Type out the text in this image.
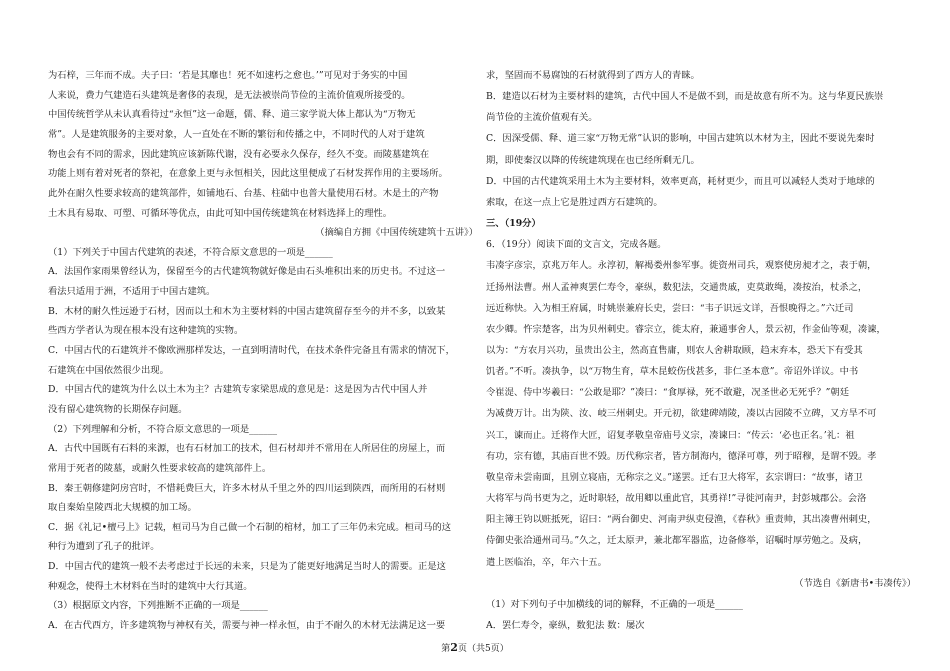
为石梓，三年而不成。夫子曰：‘若是其靡也！死不如速朽之愈也。’”可见对于务实的中国
人来说，费力气建造石头建筑是奢侈的表现，是无法被崇尚节俭的主流价值观所接受的。
中国传统哲学从未认真看待过“永恒”这一命题，儒、释、道三家学说大体上都认为“万物无
常”。人是建筑服务的主要对象，人一直处在不断的繁衍和传播之中，不同时代的人对于建筑
物也会有不同的需求，因此建筑应该新陈代谢，没有必要永久保存，经久不变。而陵墓建筑在
功能上则有着对死者的祭祀，在意象上更与永恒相关，因此这里便成了石材发挥作用的主要场所。
此外在耐久性要求较高的建筑部件，如铺地石、台基、柱础中也普大量使用石材。木是土的产物
土木具有易取、可塑、可循环等优点，由此可知中国传统建筑在材料选择上的理性。
（摘编自方拥《中国传统建筑十五讲》）
（1）下列关于中国古代建筑的表述，不符合原文意思的一项是______
A．法国作家雨果曾经认为，保留至今的古代建筑物就好像是由石头堆积出来的历史书。不过这一
看法只适用于洲，不适用于中国古建筑。
B．木材的耐久性远逊于石材，因而以土和木为主要材料的中国古建筑留存至今的并不多，以致某
些西方学者认为现在根本没有这种建筑的实物。
C．中国古代的石建筑并不像欧洲那样发达，一直到明清时代，在技术条件完备且有需求的情况下，
石建筑在中国依然很少出现。
D．中国古代的建筑为什么以土木为主？古建筑专家梁思成的意见是：这是因为古代中国人并
没有留心建筑物的长期保存问题。
（2）下列理解和分析，不符合原文意思的一项是______
A．古代中国既有石料的来源，也有石材加工的技术，但石材却并不常用在人所居住的房屋上，而
常用于死者的陵墓，或耐久性要求较高的建筑部件上。
B．秦王朝修建阿房宫时，不惜耗费巨大，许多木材从千里之外的四川运到陕西，而所用的石材则
取自秦始皇陵西北大规模的加工场。
C．据《礼记•檀弓上》记载，桓司马为自己做一个石制的棺材，加工了三年仍未完成。桓司马的这
种行为遭到了孔子的批评。
D．中国古代的建筑一般不去考虑过于长远的未来，只是为了能更好地满足当时人的需要。正是这
种观念，使得土木材料在当时的建筑中大行其道。
（3）根据原文内容，下列推断不正确的一项是______
A．在古代西方，许多建筑物与神权有关，需要与神一样永恒，由于不耐久的木材无法满足这一要
求，坚固而不易腐蚀的石材就得到了西方人的青睐。
B．建造以石材为主要材料的建筑，古代中国人不是做不到，而是故意有所不为。这与华夏民族崇
尚节俭的主流价值观有关。
C．因深受儒、释、道三家“万物无常”认识的影响，中国古建筑以木材为主，因此不要说先秦时
期，即使秦汉以降的传统建筑现在也已经所剩无几。
D．中国的古代建筑采用土木为主要材料，效率更高，耗材更少，而且可以减轻人类对于地球的
索取，在这一点上它是胜过西方石建筑的。
三、（19分）
6．（19分）阅读下面的文言文，完成各题。
韦凑字彦宗，京兆万年人。永淳初，解褐娄州参军事。徙资州司兵，观察使房昶才之，表于朝，
迁扬州法曹。州人孟神爽罢仁寿令，豪纵，数犯法，交通贵戚，吏莫敢绳，凑按治，杖杀之，
远近称快。入为相王府属，时姚崇兼府长史，尝曰：“韦子识远文详，吾恨晚得之。”六迁司
农少卿。忤宗楚客，出为贝州刺史。睿宗立，徙太府，兼通事舍人，景云初，作金仙等观，凑谏，
以为：“方农月兴功，虽贵出公主，然高直售庸，则农人舍耕取顾，趋末弃本，恐天下有受其
饥者。”不听。凑执争，以“万物生育，草木昆蛟伤伐甚多，非仁圣本意”。帝诏外详议。中书
令崔湜、侍中岑羲曰：“公敢是耶？”凑曰：“食厚禄，死不敢避，况圣世必无死乎？”朝廷
为减费万计。出为陕、汝、岐三州刺史。开元初，欲建碑靖陵，凑以古园陵不立碑，又方旱不可
兴工，谏而止。迁将作大匠，诏复孝敬皇帝庙号义宗，凑谏曰：“传云：‘必也正名。’礼：祖
有功，宗有德，其庙百世不毁。历代称宗者，皆方制海内，德泽可尊，列于昭穆，是谓不毁。孝
敬皇帝未尝南面，且别立寝庙，无称宗之义。”遂罢。迁右卫大将军，玄宗谓曰：“故事，诸卫
大将军与尚书更为之，近时职轻，故用卿以重此官，其勇祥!”寻徙河南尹，封彭城郡公。会洛
阳主簿王钧以赃抵死，诏曰：“两台御史、河南尹纵吏侵渔，《春秋》重责帅，其出凑曹州刺史，
侍御史张洽通州司马。”久之，迁太原尹，兼北都军器监，边备修举，诏嘱时厚劳勉之。及病，
遣上医临治，卒，年六十五。
（节选自《新唐书•韦凑传》）
（1）对下列句子中加横线的词的解释，不正确的一项是______
A．罢仁寿令，豪纵，数犯法 数：屡次
第2页（共5页）
